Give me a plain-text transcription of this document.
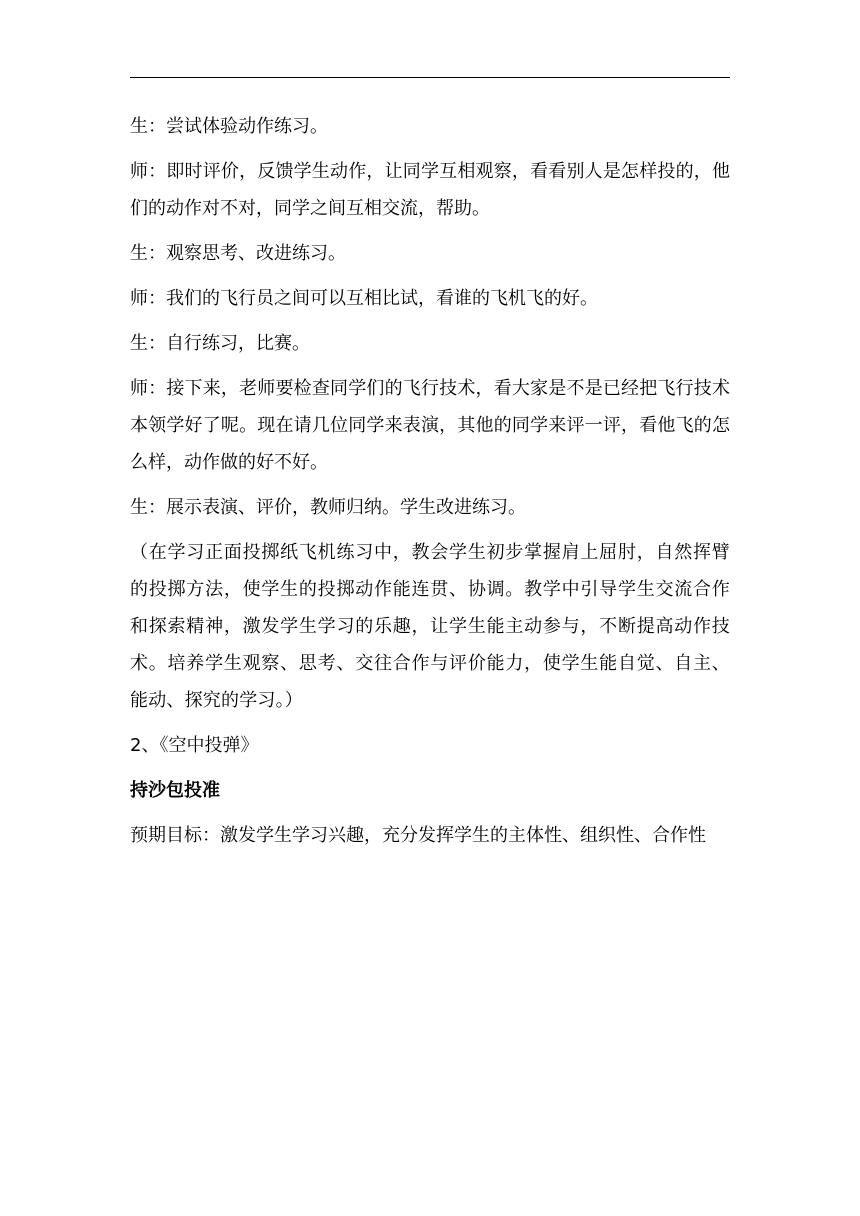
生：尝试体验动作练习。

师：即时评价，反馈学生动作，让同学互相观察，看看别人是怎样投的，他们的动作对不对，同学之间互相交流，帮助。

生：观察思考、改进练习。

师：我们的飞行员之间可以互相比试，看谁的飞机飞的好。

生：自行练习，比赛。

师：接下来，老师要检查同学们的飞行技术，看大家是不是已经把飞行技术本领学好了呢。现在请几位同学来表演，其他的同学来评一评，看他飞的怎么样，动作做的好不好。

生：展示表演、评价，教师归纳。学生改进练习。

（在学习正面投掷纸飞机练习中，教会学生初步掌握肩上屈肘，自然挥臂的投掷方法，使学生的投掷动作能连贯、协调。教学中引导学生交流合作和探索精神，激发学生学习的乐趣，让学生能主动参与，不断提高动作技术。培养学生观察、思考、交往合作与评价能力，使学生能自觉、自主、能动、探究的学习。）

2、《空中投弹》

持沙包投准

预期目标：激发学生学习兴趣，充分发挥学生的主体性、组织性、合作性
